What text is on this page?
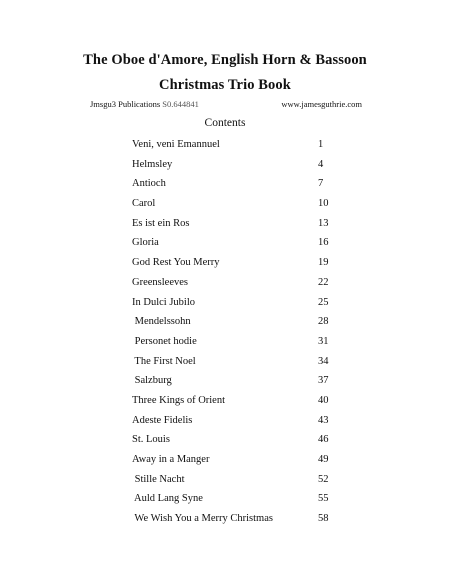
The Oboe d'Amore, English Horn & Bassoon
Christmas Trio Book
Jmsgu3 Publications S0.644841	www.jamesguthrie.com
Contents
Veni, veni Emannuel	1
Helmsley	4
Antioch	7
Carol	10
Es ist ein Ros	13
Gloria	16
God Rest You Merry	19
Greensleeves	22
In Dulci Jubilo	25
Mendelssohn	28
Personet hodie	31
The First Noel	34
Salzburg	37
Three Kings of Orient	40
Adeste Fidelis	43
St. Louis	46
Away in a Manger	49
Stille Nacht	52
Auld Lang Syne	55
We Wish You a Merry Christmas	58
